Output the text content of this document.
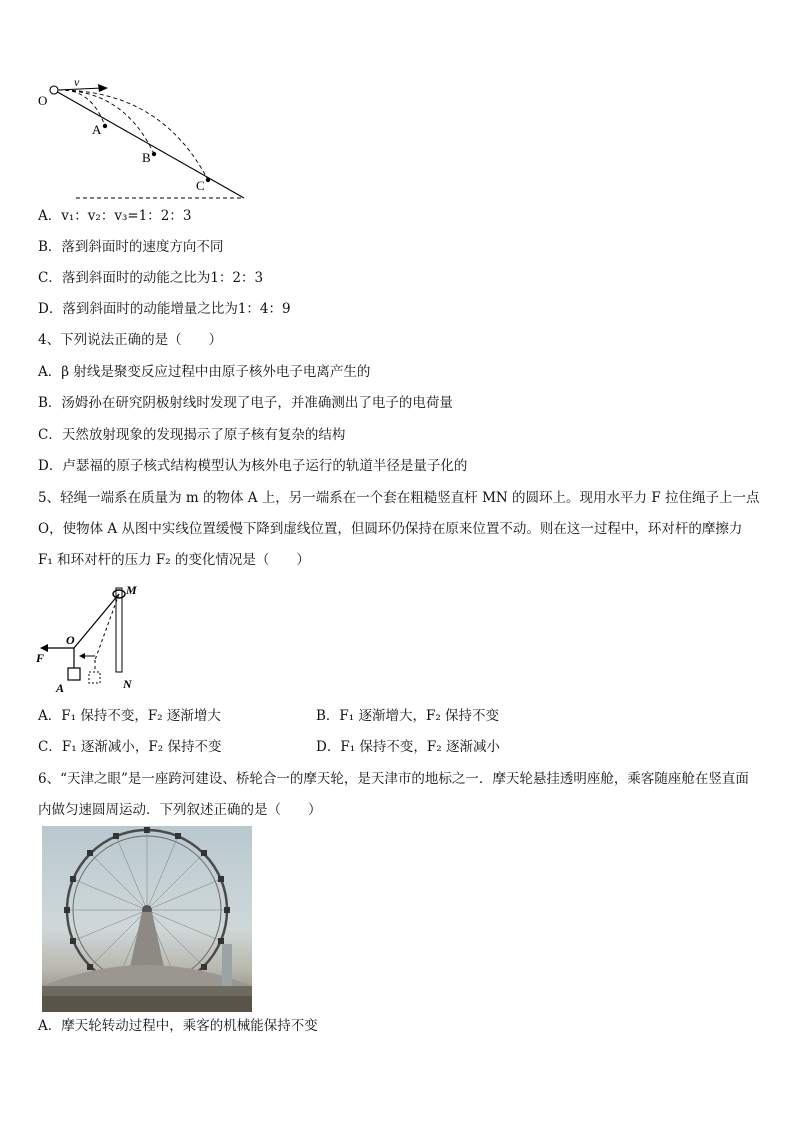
O
v
A
B
C
A．v₁：v₂：v₃=1：2：3
B．落到斜面时的速度方向不同
C．落到斜面时的动能之比为1：2：3
D．落到斜面时的动能增量之比为1：4：9
4、下列说法正确的是（　　）
A．β 射线是聚变反应过程中由原子核外电子电离产生的
B．汤姆孙在研究阴极射线时发现了电子，并准确测出了电子的电荷量
C．天然放射现象的发现揭示了原子核有复杂的结构
D．卢瑟福的原子核式结构模型认为核外电子运行的轨道半径是量子化的
5、轻绳一端系在质量为 m 的物体 A 上，另一端系在一个套在粗糙竖直杆 MN 的圆环上。现用水平力 F 拉住绳子上一点 O，使物体 A 从图中实线位置缓慢下降到虚线位置，但圆环仍保持在原来位置不动。则在这一过程中，环对杆的摩擦力 F₁ 和环对杆的压力 F₂ 的变化情况是（　　）
M
N
O
F
A
A．F₁ 保持不变，F₂ 逐渐增大	B．F₁ 逐渐增大，F₂ 保持不变
C．F₁ 逐渐减小，F₂ 保持不变	D．F₁ 保持不变，F₂ 逐渐减小
6、“天津之眼”是一座跨河建设、桥轮合一的摩天轮，是天津市的地标之一．摩天轮悬挂透明座舱，乘客随座舱在竖直面内做匀速圆周运动．下列叙述正确的是（　　）
A．摩天轮转动过程中，乘客的机械能保持不变
